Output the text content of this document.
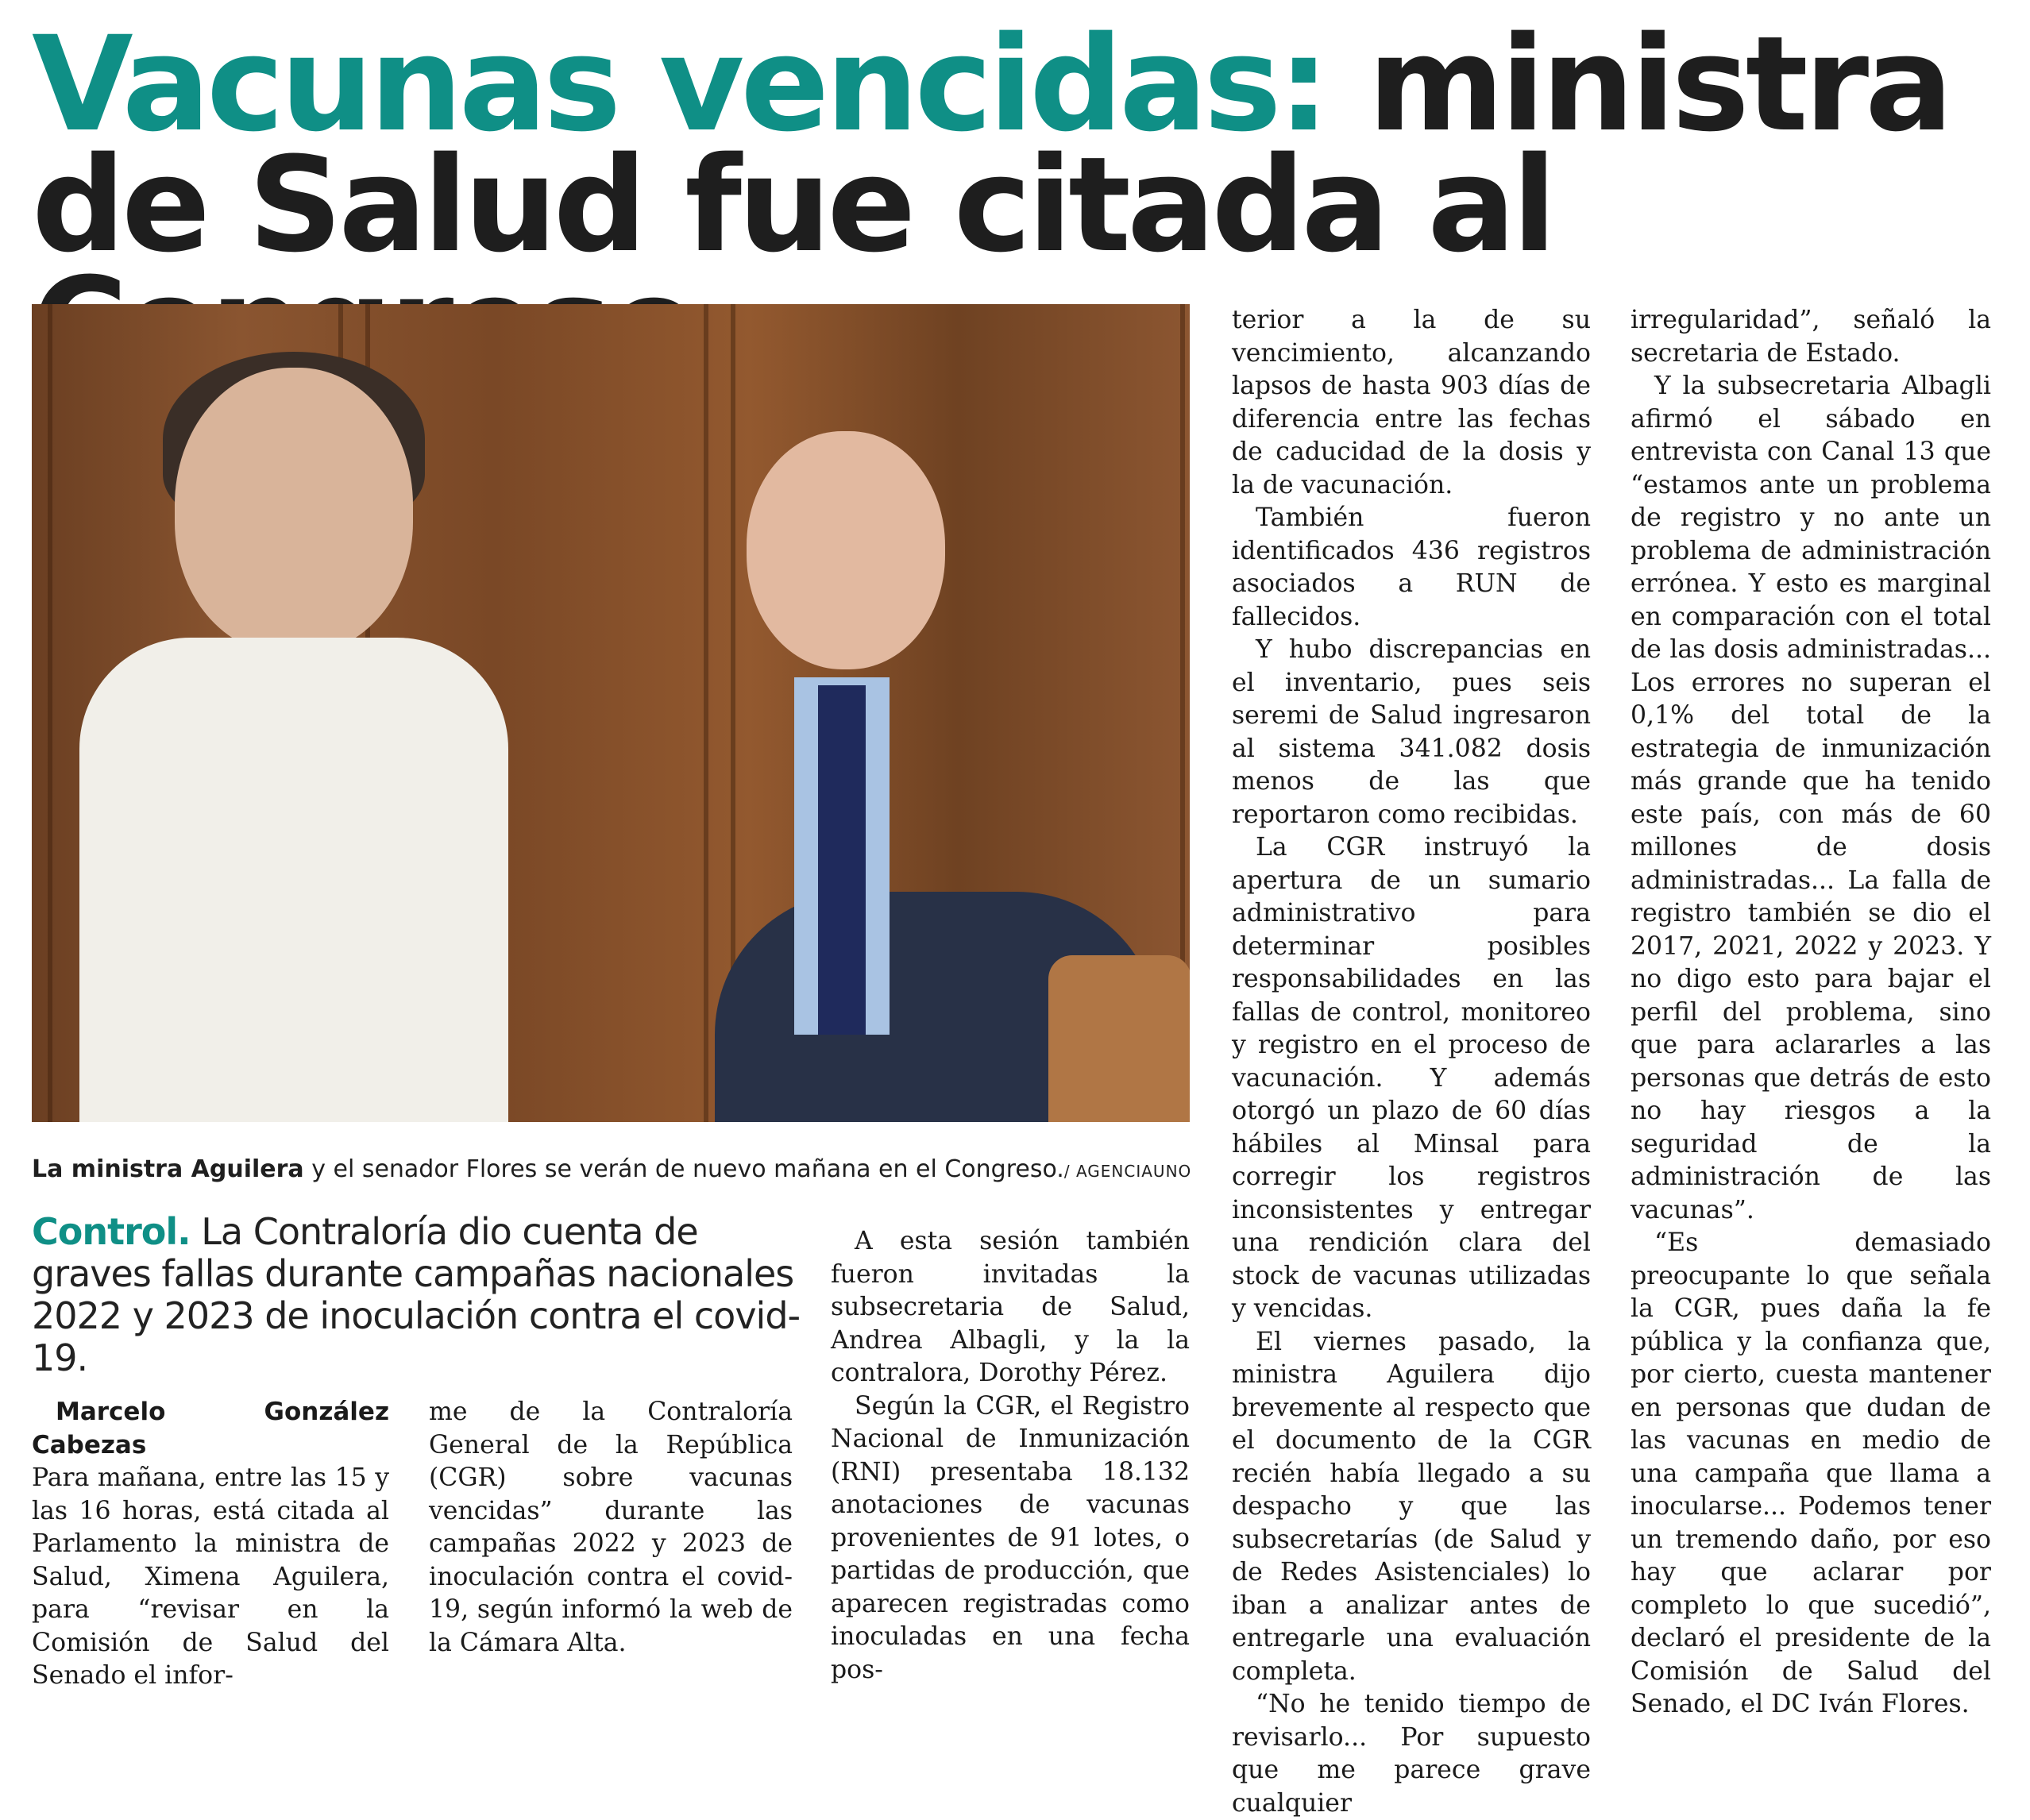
Vacunas vencidas: ministra de Salud fue citada al
La ministra Aguilera y el senador Flores se verán de nuevo mañana en el Congreso./ AGENCIAUNO

Control. La Contraloría dio cuenta de graves fallas durante campañas nacionales 2022 y 2023 de inoculación contra el covid-19.

Marcelo González Cabezas

Para mañana, entre las 15 y las 16 horas, está citada al Parlamento la ministra de Salud, Ximena Aguilera, para “revisar en la Comisión de Salud del Senado el infor-

me de la Contraloría General de la República (CGR) sobre vacunas vencidas” durante las campañas 2022 y 2023 de inoculación contra el covid-19, según informó la web de la Cámara Alta.

A esta sesión también fueron invitadas la subsecretaria de Salud, Andrea Albagli, y la la contralora, Dorothy Pérez.

Según la CGR, el Registro Nacional de Inmunización (RNI) presentaba 18.132 anotaciones de vacunas provenientes de 91 lotes, o partidas de producción, que aparecen registradas como inoculadas en una fecha pos-

terior a la de su vencimiento, alcanzando lapsos de hasta 903 días de diferencia entre las fechas de caducidad de la dosis y la de vacunación.

También fueron identificados 436 registros asociados a RUN de fallecidos.

Y hubo discrepancias en el inventario, pues seis seremi de Salud ingresaron al sistema 341.082 dosis menos de las que reportaron como recibidas.

La CGR instruyó la apertura de un sumario administrativo para determinar posibles responsabilidades en las fallas de control, monitoreo y registro en el proceso de vacunación. Y además otorgó un plazo de 60 días hábiles al Minsal para corregir los registros inconsistentes y entregar una rendición clara del stock de vacunas utilizadas y vencidas.

El viernes pasado, la ministra Aguilera dijo brevemente al respecto que el documento de la CGR recién había llegado a su despacho y que las subsecretarías (de Salud y de Redes Asistenciales) lo iban a analizar antes de entregarle una evaluación completa.

“No he tenido tiempo de revisarlo... Por supuesto que me parece grave cualquier

irregularidad”, señaló la secretaria de Estado.

Y la subsecretaria Albagli afirmó el sábado en entrevista con Canal 13 que “estamos ante un problema de registro y no ante un problema de administración errónea. Y esto es marginal en comparación con el total de las dosis administradas... Los errores no superan el 0,1% del total de la estrategia de inmunización más grande que ha tenido este país, con más de 60 millones de dosis administradas... La falla de registro también se dio el 2017, 2021, 2022 y 2023. Y no digo esto para bajar el perfil del problema, sino que para aclararles a las personas que detrás de esto no hay riesgos a la seguridad de la administración de las vacunas”.

“Es demasiado preocupante lo que señala la CGR, pues daña la fe pública y la confianza que, por cierto, cuesta mantener en personas que dudan de las vacunas en medio de una campaña que llama a inocularse... Podemos tener un tremendo daño, por eso hay que aclarar por completo lo que sucedió”, declaró el presidente de la Comisión de Salud del Senado, el DC Iván Flores.
